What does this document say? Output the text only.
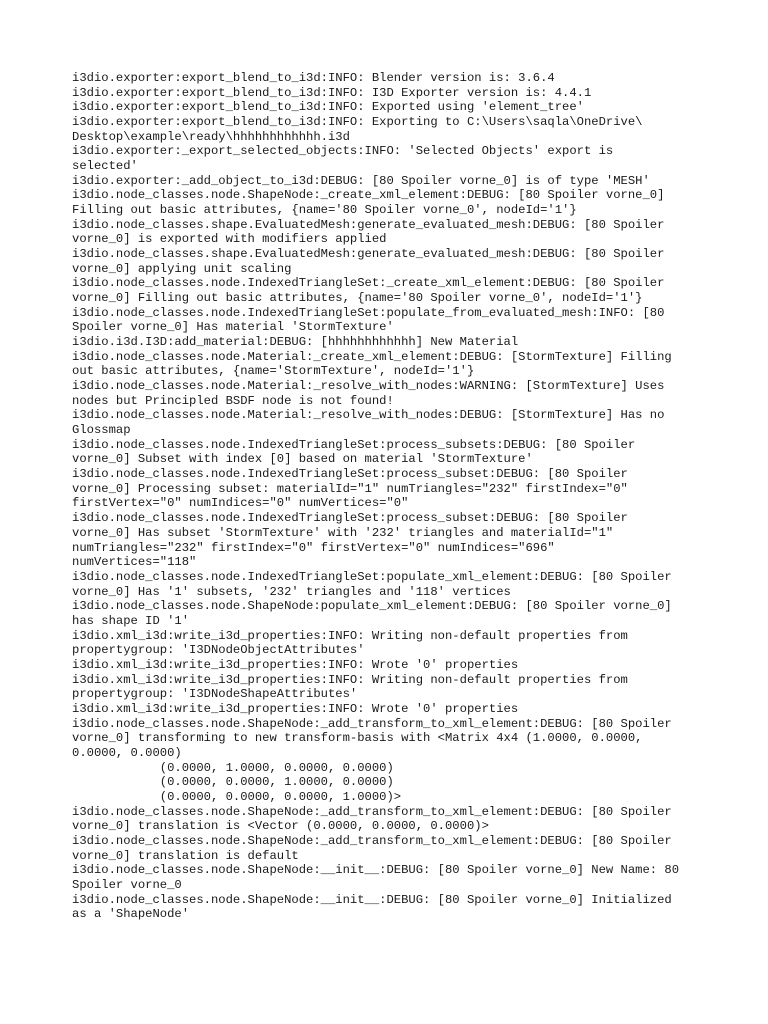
i3dio.exporter:export_blend_to_i3d:INFO: Blender version is: 3.6.4
i3dio.exporter:export_blend_to_i3d:INFO: I3D Exporter version is: 4.4.1
i3dio.exporter:export_blend_to_i3d:INFO: Exported using 'element_tree'
i3dio.exporter:export_blend_to_i3d:INFO: Exporting to C:\Users\saqla\OneDrive\
Desktop\example\ready\hhhhhhhhhhhh.i3d
i3dio.exporter:_export_selected_objects:INFO: 'Selected Objects' export is
selected'
i3dio.exporter:_add_object_to_i3d:DEBUG: [80 Spoiler vorne_0] is of type 'MESH'
i3dio.node_classes.node.ShapeNode:_create_xml_element:DEBUG: [80 Spoiler vorne_0]
Filling out basic attributes, {name='80 Spoiler vorne_0', nodeId='1'}
i3dio.node_classes.shape.EvaluatedMesh:generate_evaluated_mesh:DEBUG: [80 Spoiler
vorne_0] is exported with modifiers applied
i3dio.node_classes.shape.EvaluatedMesh:generate_evaluated_mesh:DEBUG: [80 Spoiler
vorne_0] applying unit scaling
i3dio.node_classes.node.IndexedTriangleSet:_create_xml_element:DEBUG: [80 Spoiler
vorne_0] Filling out basic attributes, {name='80 Spoiler vorne_0', nodeId='1'}
i3dio.node_classes.node.IndexedTriangleSet:populate_from_evaluated_mesh:INFO: [80
Spoiler vorne_0] Has material 'StormTexture'
i3dio.i3d.I3D:add_material:DEBUG: [hhhhhhhhhhhh] New Material
i3dio.node_classes.node.Material:_create_xml_element:DEBUG: [StormTexture] Filling
out basic attributes, {name='StormTexture', nodeId='1'}
i3dio.node_classes.node.Material:_resolve_with_nodes:WARNING: [StormTexture] Uses
nodes but Principled BSDF node is not found!
i3dio.node_classes.node.Material:_resolve_with_nodes:DEBUG: [StormTexture] Has no
Glossmap
i3dio.node_classes.node.IndexedTriangleSet:process_subsets:DEBUG: [80 Spoiler
vorne_0] Subset with index [0] based on material 'StormTexture'
i3dio.node_classes.node.IndexedTriangleSet:process_subset:DEBUG: [80 Spoiler
vorne_0] Processing subset: materialId="1" numTriangles="232" firstIndex="0"
firstVertex="0" numIndices="0" numVertices="0"
i3dio.node_classes.node.IndexedTriangleSet:process_subset:DEBUG: [80 Spoiler
vorne_0] Has subset 'StormTexture' with '232' triangles and materialId="1"
numTriangles="232" firstIndex="0" firstVertex="0" numIndices="696"
numVertices="118"
i3dio.node_classes.node.IndexedTriangleSet:populate_xml_element:DEBUG: [80 Spoiler
vorne_0] Has '1' subsets, '232' triangles and '118' vertices
i3dio.node_classes.node.ShapeNode:populate_xml_element:DEBUG: [80 Spoiler vorne_0]
has shape ID '1'
i3dio.xml_i3d:write_i3d_properties:INFO: Writing non-default properties from
propertygroup: 'I3DNodeObjectAttributes'
i3dio.xml_i3d:write_i3d_properties:INFO: Wrote '0' properties
i3dio.xml_i3d:write_i3d_properties:INFO: Writing non-default properties from
propertygroup: 'I3DNodeShapeAttributes'
i3dio.xml_i3d:write_i3d_properties:INFO: Wrote '0' properties
i3dio.node_classes.node.ShapeNode:_add_transform_to_xml_element:DEBUG: [80 Spoiler
vorne_0] transforming to new transform-basis with <Matrix 4x4 (1.0000, 0.0000,
0.0000, 0.0000)
(0.0000, 1.0000, 0.0000, 0.0000)
(0.0000, 0.0000, 1.0000, 0.0000)
(0.0000, 0.0000, 0.0000, 1.0000)>
i3dio.node_classes.node.ShapeNode:_add_transform_to_xml_element:DEBUG: [80 Spoiler
vorne_0] translation is <Vector (0.0000, 0.0000, 0.0000)>
i3dio.node_classes.node.ShapeNode:_add_transform_to_xml_element:DEBUG: [80 Spoiler
vorne_0] translation is default
i3dio.node_classes.node.ShapeNode:__init__:DEBUG: [80 Spoiler vorne_0] New Name: 80
Spoiler vorne_0
i3dio.node_classes.node.ShapeNode:__init__:DEBUG: [80 Spoiler vorne_0] Initialized
as a 'ShapeNode'
